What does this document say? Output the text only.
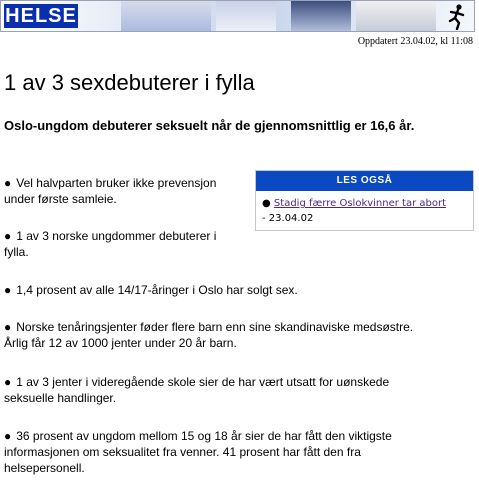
HELSE
Oppdatert 23.04.02, kl 11:08
1 av 3 sexdebuterer i fylla

Oslo-ungdom debuterer seksuelt når de gjennomsnittlig er 16,6 år.

● Vel halvparten bruker ikke prevensjon
under første samleie.
● 1 av 3 norske ungdommer debuterer i
fylla.
● 1,4 prosent av alle 14/17-åringer i Oslo har solgt sex.
● Norske tenåringsjenter føder flere barn enn sine skandinaviske medsøstre.
Årlig får 12 av 1000 jenter under 20 år barn.
● 1 av 3 jenter i videregående skole sier de har vært utsatt for uønskede
seksuelle handlinger.
● 36 prosent av ungdom mellom 15 og 18 år sier de har fått den viktigste
informasjonen om seksualitet fra venner. 41 prosent har fått den fra
helsepersonell.
LES OGSÅ
● Stadig færre Oslokvinner tar abort
- 23.04.02
